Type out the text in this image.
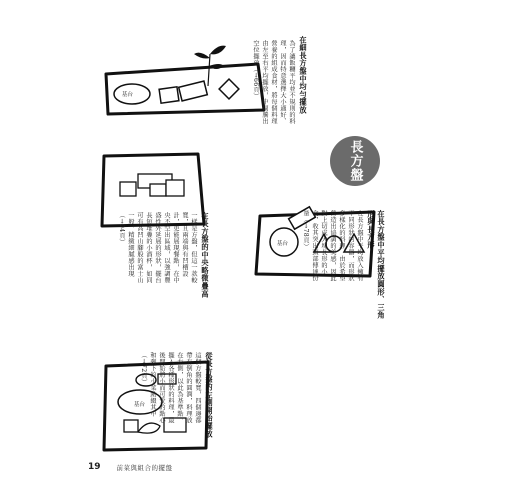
基台	在細長方盤中均勻擺放
為了讓飯糰平均並不規則的料理，因而特意選擇大小適好、營養的組成食材，將每個料理由左至右平均擺放，中間騰出空位擺放（→66頁）
長方盤
在長方盤的中央略微疊高
一樣是方盤，但這一款較寬，且兩端與有凹槽設計，更能展現餐點，在中央不空出區域，以強調豐盛性外延展的形狀，擺台長短堆疊的小酒杯，如同可有高凹山腳般的富士山一般，精緻細膩感出現（→94頁）	基台	在長方盤中平均擺放圓形、三角形與長方形
在長方盤中平均放入擁有不同形狀的容器，而形狀多樣化的料理，由於希望營造出協調的美感，因此對上切成大塊長形的小食，收其突出頭部傳達份量（→78頁）
基台	從長方盤的左側開始擺放
這個方盤較寬，四個邊都帶有倒角的圓潤，料理放在左側，以此為基準點，擺入各種形狀的料理，最後開始將小而可愛的點心和剩下的小菜點綴其中（→72頁）
19 前菜與組合的擺盤
